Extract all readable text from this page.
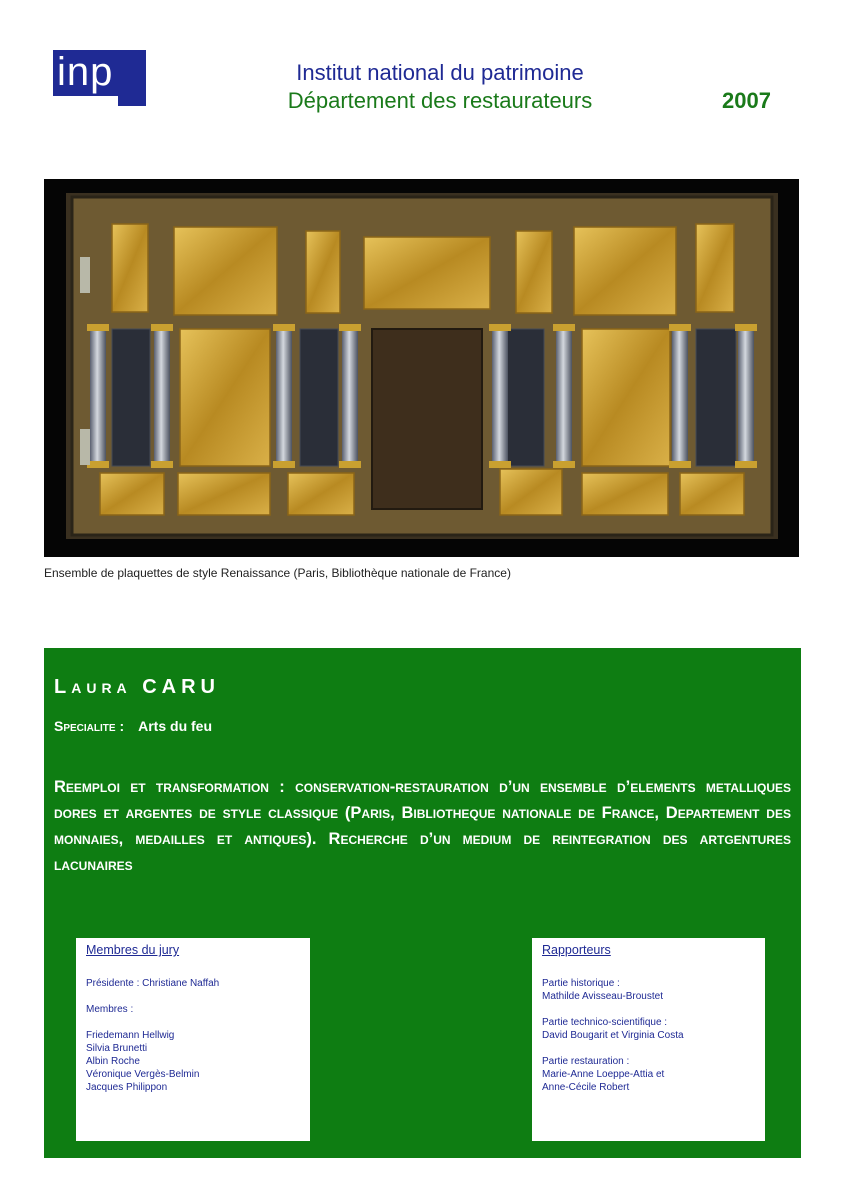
inp	Institut national du patrimoine
Département des restaurateurs	2007
Ensemble de plaquettes de style Renaissance (Paris, Bibliothèque nationale de France)
Laura CARU
Specialite : Arts du feu
Reemploi et transformation : conservation-restauration d’un ensemble d’elements metalliques dores et argentes de style classique (Paris, Bibliotheque nationale de France, Departement des monnaies, medailles et antiques). Recherche d’un medium de reintegration des artgentures lacunaires
Membres du jury
Présidente : Christiane Naffah
Membres :
Friedemann Hellwig
Silvia Brunetti
Albin Roche
Véronique Vergès-Belmin
Jacques Philippon
Rapporteurs
Partie historique :
Mathilde Avisseau-Broustet
Partie technico-scientifique :
David Bougarit et Virginia Costa
Partie restauration :
Marie-Anne Loeppe-Attia et
Anne-Cécile Robert
